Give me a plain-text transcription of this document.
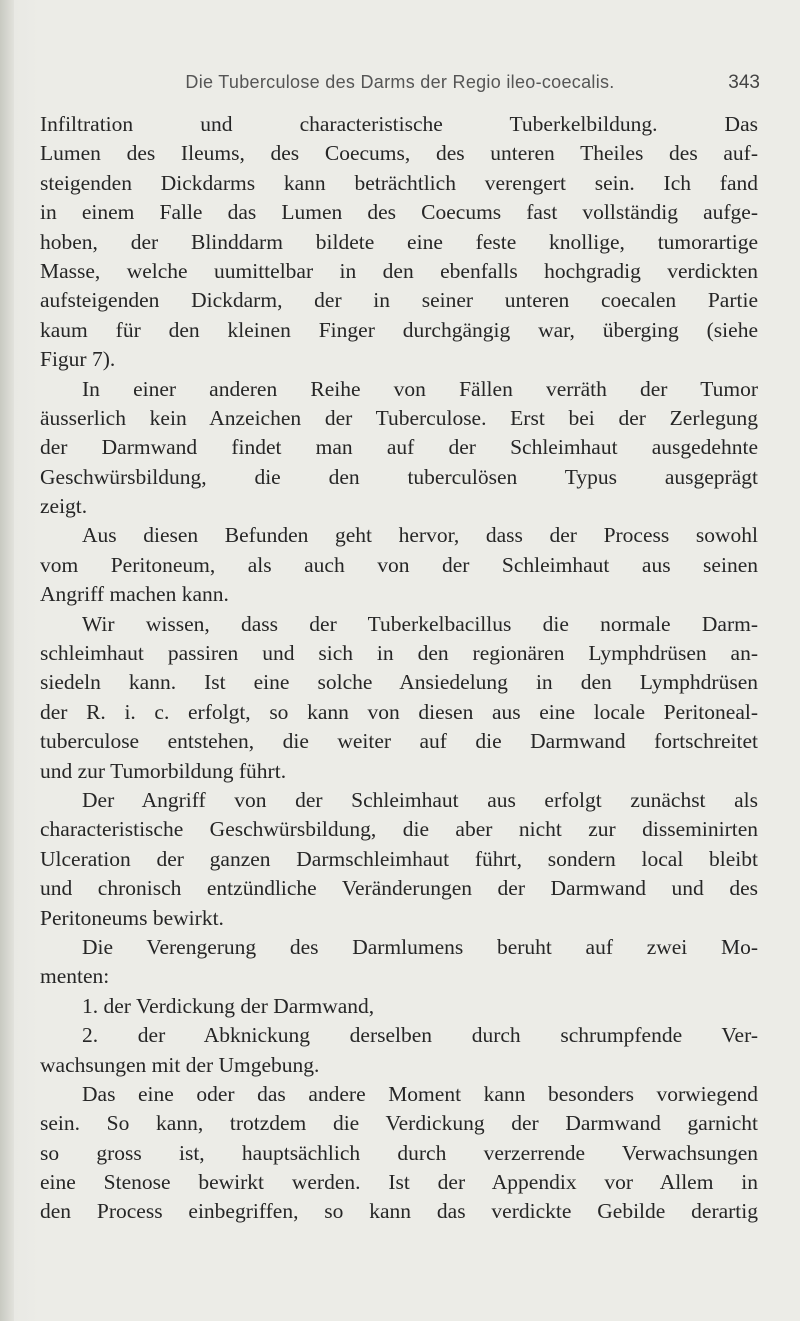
Die Tuberculose des Darms der Regio ileo-coecalis.	343
Infiltration und characteristische Tuberkelbildung. Das
Lumen des Ileums, des Coecums, des unteren Theiles des auf-
steigenden Dickdarms kann beträchtlich verengert sein. Ich fand
in einem Falle das Lumen des Coecums fast vollständig aufge-
hoben, der Blinddarm bildete eine feste knollige, tumorartige
Masse, welche uumittelbar in den ebenfalls hochgradig verdickten
aufsteigenden Dickdarm, der in seiner unteren coecalen Partie
kaum für den kleinen Finger durchgängig war, überging (siehe
Figur 7).
In einer anderen Reihe von Fällen verräth der Tumor
äusserlich kein Anzeichen der Tuberculose. Erst bei der Zerlegung
der Darmwand findet man auf der Schleimhaut ausgedehnte
Geschwürsbildung, die den tuberculösen Typus ausgeprägt
zeigt.
Aus diesen Befunden geht hervor, dass der Process sowohl
vom Peritoneum, als auch von der Schleimhaut aus seinen
Angriff machen kann.
Wir wissen, dass der Tuberkelbacillus die normale Darm-
schleimhaut passiren und sich in den regionären Lymphdrüsen an-
siedeln kann. Ist eine solche Ansiedelung in den Lymphdrüsen
der R. i. c. erfolgt, so kann von diesen aus eine locale Peritoneal-
tuberculose entstehen, die weiter auf die Darmwand fortschreitet
und zur Tumorbildung führt.
Der Angriff von der Schleimhaut aus erfolgt zunächst als
characteristische Geschwürsbildung, die aber nicht zur disseminirten
Ulceration der ganzen Darmschleimhaut führt, sondern local bleibt
und chronisch entzündliche Veränderungen der Darmwand und des
Peritoneums bewirkt.
Die Verengerung des Darmlumens beruht auf zwei Mo-
menten:
1. der Verdickung der Darmwand,
2. der Abknickung derselben durch schrumpfende Ver-
wachsungen mit der Umgebung.
Das eine oder das andere Moment kann besonders vorwiegend
sein. So kann, trotzdem die Verdickung der Darmwand garnicht
so gross ist, hauptsächlich durch verzerrende Verwachsungen
eine Stenose bewirkt werden. Ist der Appendix vor Allem in
den Process einbegriffen, so kann das verdickte Gebilde derartig
